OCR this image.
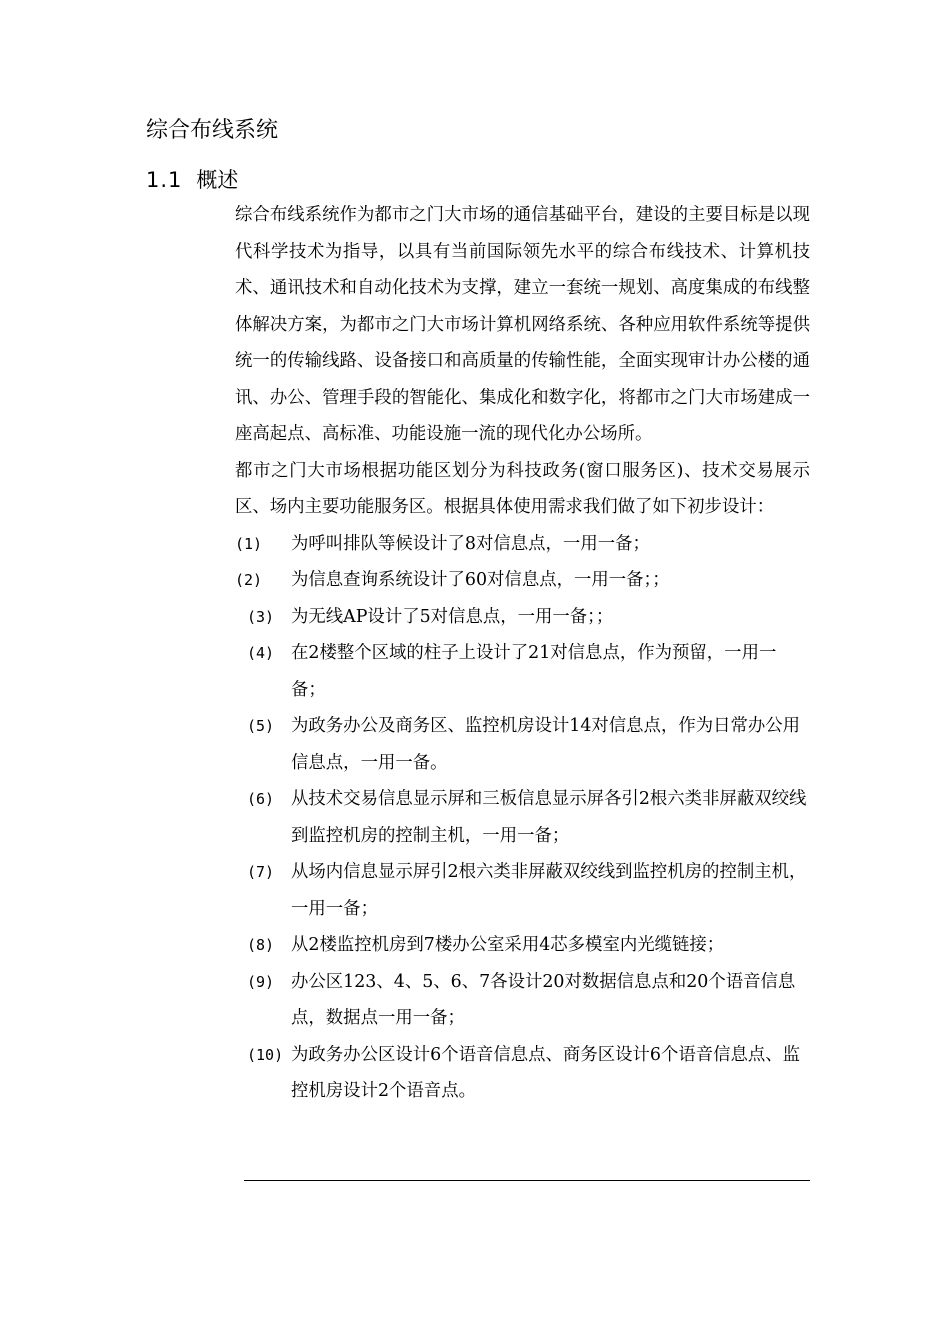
综合布线系统
1.1 概述

综合布线系统作为都市之门大市场的通信基础平台，建设的主要目标是以现代科学技术为指导，以具有当前国际领先水平的综合布线技术、计算机技术、通讯技术和自动化技术为支撑，建立一套统一规划、高度集成的布线整体解决方案，为都市之门大市场计算机网络系统、各种应用软件系统等提供统一的传输线路、设备接口和高质量的传输性能，全面实现审计办公楼的通讯、办公、管理手段的智能化、集成化和数字化，将都市之门大市场建成一座高起点、高标准、功能设施一流的现代化办公场所。

都市之门大市场根据功能区划分为科技政务(窗口服务区)、技术交易展示区、场内主要功能服务区。根据具体使用需求我们做了如下初步设计：

(1) 为呼叫排队等候设计了8对信息点，一用一备；
(2) 为信息查询系统设计了60对信息点，一用一备；；
(3) 为无线AP设计了5对信息点，一用一备；；
(4) 在2楼整个区域的柱子上设计了21对信息点，作为预留，一用一备；
(5) 为政务办公及商务区、监控机房设计14对信息点，作为日常办公用信息点，一用一备。
(6) 从技术交易信息显示屏和三板信息显示屏各引2根六类非屏蔽双绞线到监控机房的控制主机，一用一备；
(7) 从场内信息显示屏引2根六类非屏蔽双绞线到监控机房的控制主机，一用一备；
(8) 从2楼监控机房到7楼办公室采用4芯多模室内光缆链接；
(9) 办公区123、4、5、6、7各设计20对数据信息点和20个语音信息点，数据点一用一备；
(10) 为政务办公区设计6个语音信息点、商务区设计6个语音信息点、监控机房设计2个语音点。
